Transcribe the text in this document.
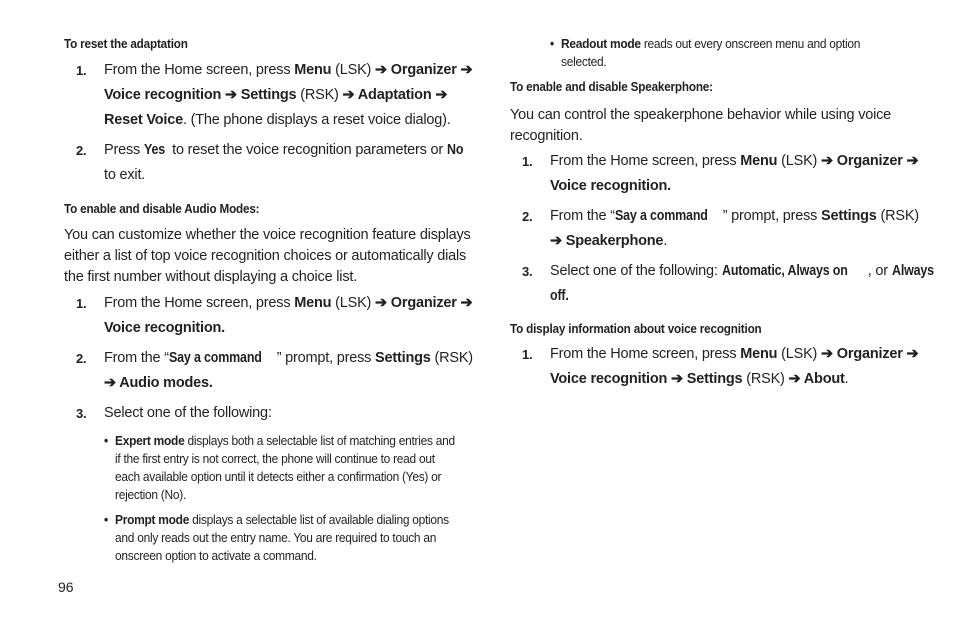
To reset the adaptation
1. From the Home screen, press Menu (LSK) ➔ Organizer ➔
Voice recognition ➔ Settings (RSK) ➔ Adaptation ➔
Reset Voice. (The phone displays a reset voice dialog).
2. Press Yes to reset the voice recognition parameters or No
to exit.
To enable and disable Audio Modes:
You can customize whether the voice recognition feature displays
either a list of top voice recognition choices or automatically dials
the first number without displaying a choice list.
1. From the Home screen, press Menu (LSK) ➔ Organizer ➔
Voice recognition.
2. From the “Say a command ” prompt, press Settings (RSK)
➔ Audio modes.
3. Select one of the following:
• Expert mode displays both a selectable list of matching entries and
if the first entry is not correct, the phone will continue to read out
each available option until it detects either a confirmation (Yes) or
rejection (No).
• Prompt mode displays a selectable list of available dialing options
and only reads out the entry name. You are required to touch an
onscreen option to activate a command.
• Readout mode reads out every onscreen menu and option
selected.
To enable and disable Speakerphone:
You can control the speakerphone behavior while using voice
recognition.
1. From the Home screen, press Menu (LSK) ➔ Organizer ➔
Voice recognition.
2. From the “Say a command ” prompt, press Settings (RSK)
➔ Speakerphone.
3. Select one of the following: Automatic, Always on , or Always
off.
To display information about voice recognition
1. From the Home screen, press Menu (LSK) ➔ Organizer ➔
Voice recognition ➔ Settings (RSK) ➔ About.
96
